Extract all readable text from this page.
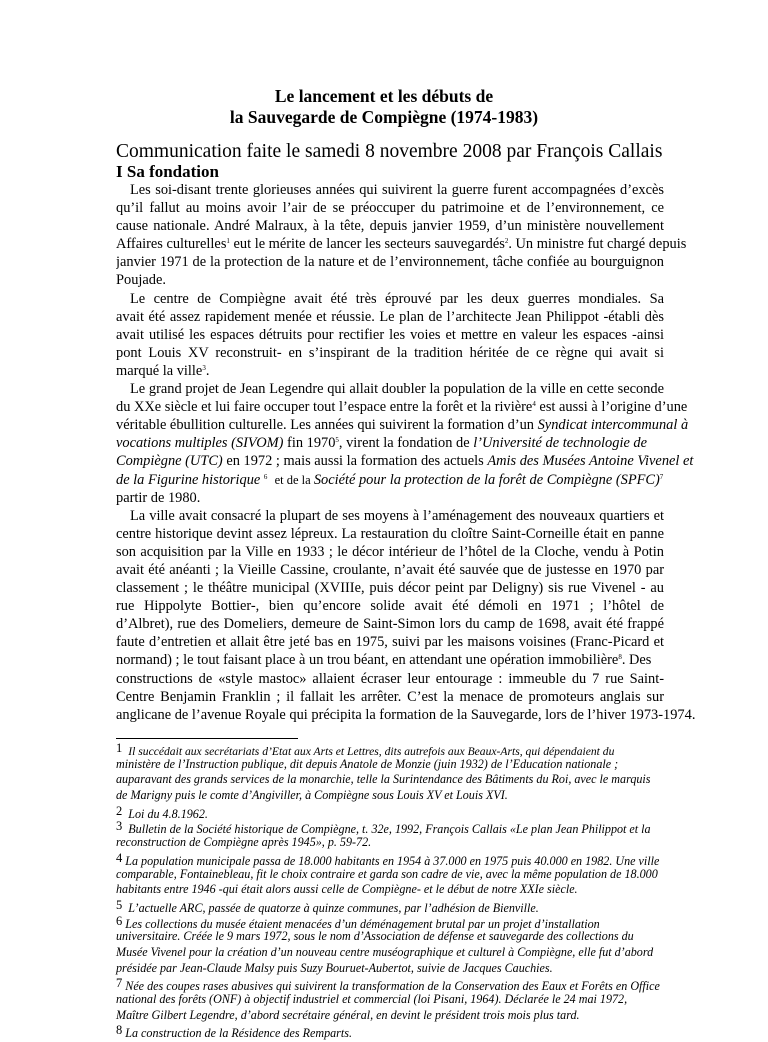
Le lancement et les débuts de
la Sauvegarde de Compiègne (1974-1983)
Communication faite le samedi 8 novembre 2008 par François Callais
I Sa fondation
Les soi-disant trente glorieuses années qui suivirent la guerre furent accompagnées d’excès
qu’il fallut au moins avoir l’air de se préoccuper du patrimoine et de l’environnement, ce
cause nationale. André Malraux, à la tête, depuis janvier 1959, d’un ministère nouvellement
Affaires culturelles$^1$ eut le mérite de lancer les secteurs sauvegardés$^2$. Un ministre fut chargé depuis
janvier 1971 de la protection de la nature et de l’environnement, tâche confiée au bourguignon
Poujade.
Le centre de Compiègne avait été très éprouvé par les deux guerres mondiales. Sa
avait été assez rapidement menée et réussie. Le plan de l’architecte Jean Philippot -établi dès
avait utilisé les espaces détruits pour rectifier les voies et mettre en valeur les espaces -ainsi
pont Louis XV reconstruit- en s’inspirant de la tradition héritée de ce règne qui avait si
marqué la ville$^3$.
Le grand projet de Jean Legendre qui allait doubler la population de la ville en cette seconde
du XXe siècle et lui faire occuper tout l’espace entre la forêt et la rivière$^4$ est aussi à l’origine d’une
véritable ébullition culturelle. Les années qui suivirent la formation d’un Syndicat intercommunal à
vocations multiples (SIVOM) fin 1970$^5$, virent la fondation de l’Université de technologie de
Compiègne (UTC) en 1972 ; mais aussi la formation des actuels Amis des Musées Antoine Vivenel et
de la Figurine historique $^6$ et de la Société pour la protection de la forêt de Compiègne (SPFC)$^7$
partir de 1980.
La ville avait consacré la plupart de ses moyens à l’aménagement des nouveaux quartiers et
centre historique devint assez lépreux. La restauration du cloître Saint-Corneille était en panne
son acquisition par la Ville en 1933 ; le décor intérieur de l’hôtel de la Cloche, vendu à Potin
avait été anéanti ; la Vieille Cassine, croulante, n’avait été sauvée que de justesse en 1970 par
classement ; le théâtre municipal (XVIIIe, puis décor peint par Deligny) sis rue Vivenel - au
rue Hippolyte Bottier-, bien qu’encore solide avait été démoli en 1971 ; l’hôtel de
d’Albret), rue des Domeliers, demeure de Saint-Simon lors du camp de 1698, avait été frappé
faute d’entretien et allait être jeté bas en 1975, suivi par les maisons voisines (Franc-Picard et
normand) ; le tout faisant place à un trou béant, en attendant une opération immobilière$^8$. Des
constructions de «style mastoc» allaient écraser leur entourage : immeuble du 7 rue Saint-
Centre Benjamin Franklin ; il fallait les arrêter. C’est la menace de promoteurs anglais sur
anglicane de l’avenue Royale qui précipita la formation de la Sauvegarde, lors de l’hiver 1973-1974.
1 Il succédait aux secrétariats d’Etat aux Arts et Lettres, dits autrefois aux Beaux-Arts, qui dépendaient du
ministère de l’Instruction publique, dit depuis Anatole de Monzie (juin 1932) de l’Education nationale ;
auparavant des grands services de la monarchie, telle la Surintendance des Bâtiments du Roi, avec le marquis
de Marigny puis le comte d’Angiviller, à Compiègne sous Louis XV et Louis XVI.
2 Loi du 4.8.1962.
3 Bulletin de la Société historique de Compiègne, t. 32e, 1992, François Callais «Le plan Jean Philippot et la
reconstruction de Compiègne après 1945», p. 59-72.
4 La population municipale passa de 18.000 habitants en 1954 à 37.000 en 1975 puis 40.000 en 1982. Une ville
comparable, Fontainebleau, fit le choix contraire et garda son cadre de vie, avec la même population de 18.000
habitants entre 1946 -qui était alors aussi celle de Compiègne- et le début de notre XXIe siècle.
5 L’actuelle ARC, passée de quatorze à quinze communes, par l’adhésion de Bienville.
6 Les collections du musée étaient menacées d’un déménagement brutal par un projet d’installation
universitaire. Créée le 9 mars 1972, sous le nom d’Association de défense et sauvegarde des collections du
Musée Vivenel pour la création d’un nouveau centre muséographique et culturel à Compiègne, elle fut d’abord
présidée par Jean-Claude Malsy puis Suzy Bouruet-Aubertot, suivie de Jacques Cauchies.
7 Née des coupes rases abusives qui suivirent la transformation de la Conservation des Eaux et Forêts en Office
national des forêts (ONF) à objectif industriel et commercial (loi Pisani, 1964). Déclarée le 24 mai 1972,
Maître Gilbert Legendre, d’abord secrétaire général, en devint le président trois mois plus tard.
8 La construction de la Résidence des Remparts.
